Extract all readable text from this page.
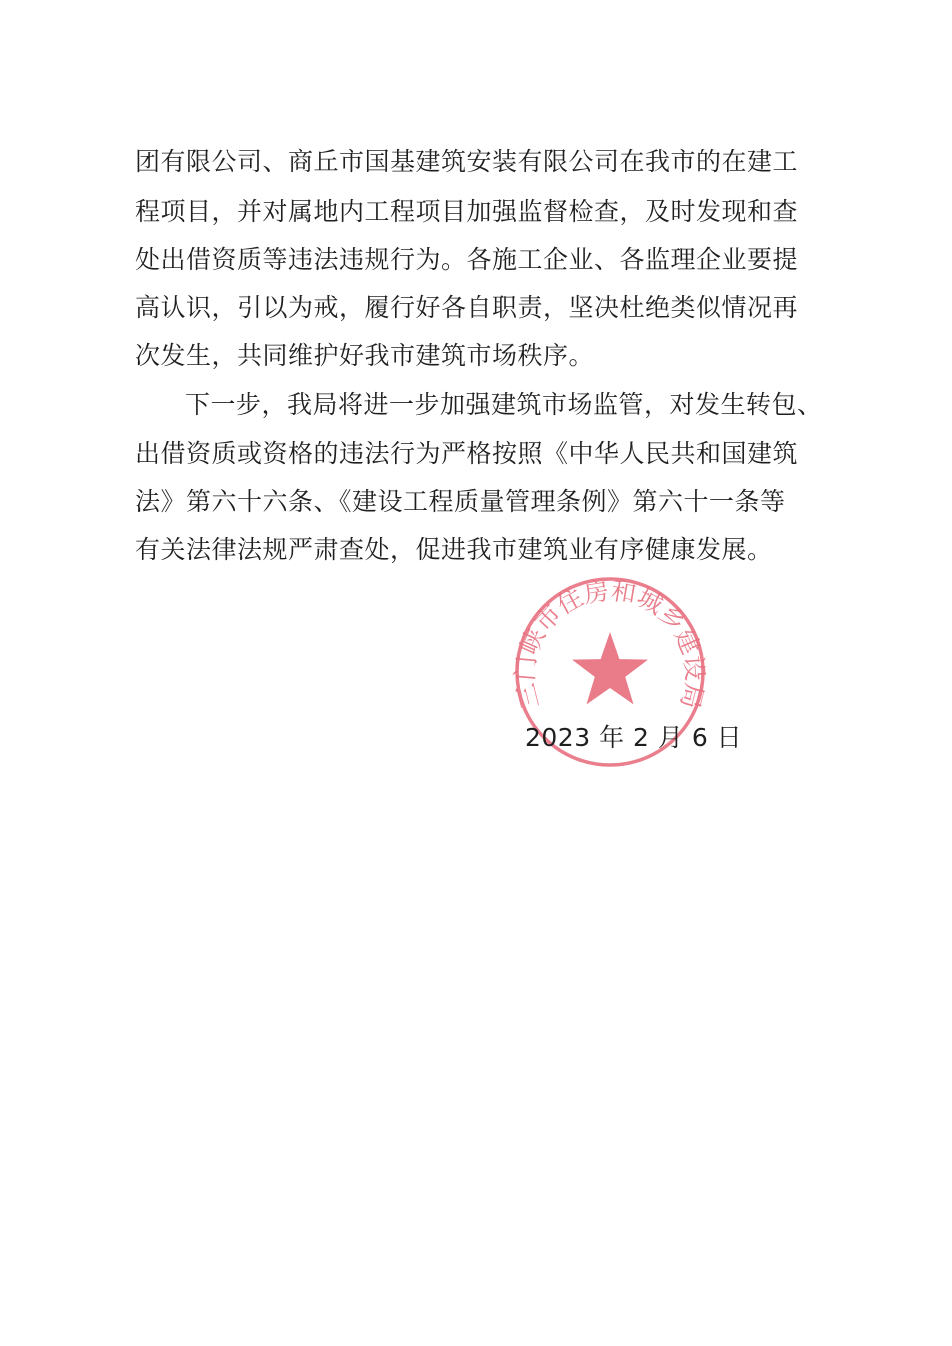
团有限公司、商丘市国基建筑安装有限公司在我市的在建工
程项目，并对属地内工程项目加强监督检查，及时发现和查
处出借资质等违法违规行为。各施工企业、各监理企业要提
高认识，引以为戒，履行好各自职责，坚决杜绝类似情况再
次发生，共同维护好我市建筑市场秩序。
下一步，我局将进一步加强建筑市场监管，对发生转包、
出借资质或资格的违法行为严格按照《中华人民共和国建筑
法》第六十六条、《建设工程质量管理条例》第六十一条等
有关法律法规严肃查处，促进我市建筑业有序健康发展。
三门峡市住房和城乡建设局
2023 年 2 月 6 日
